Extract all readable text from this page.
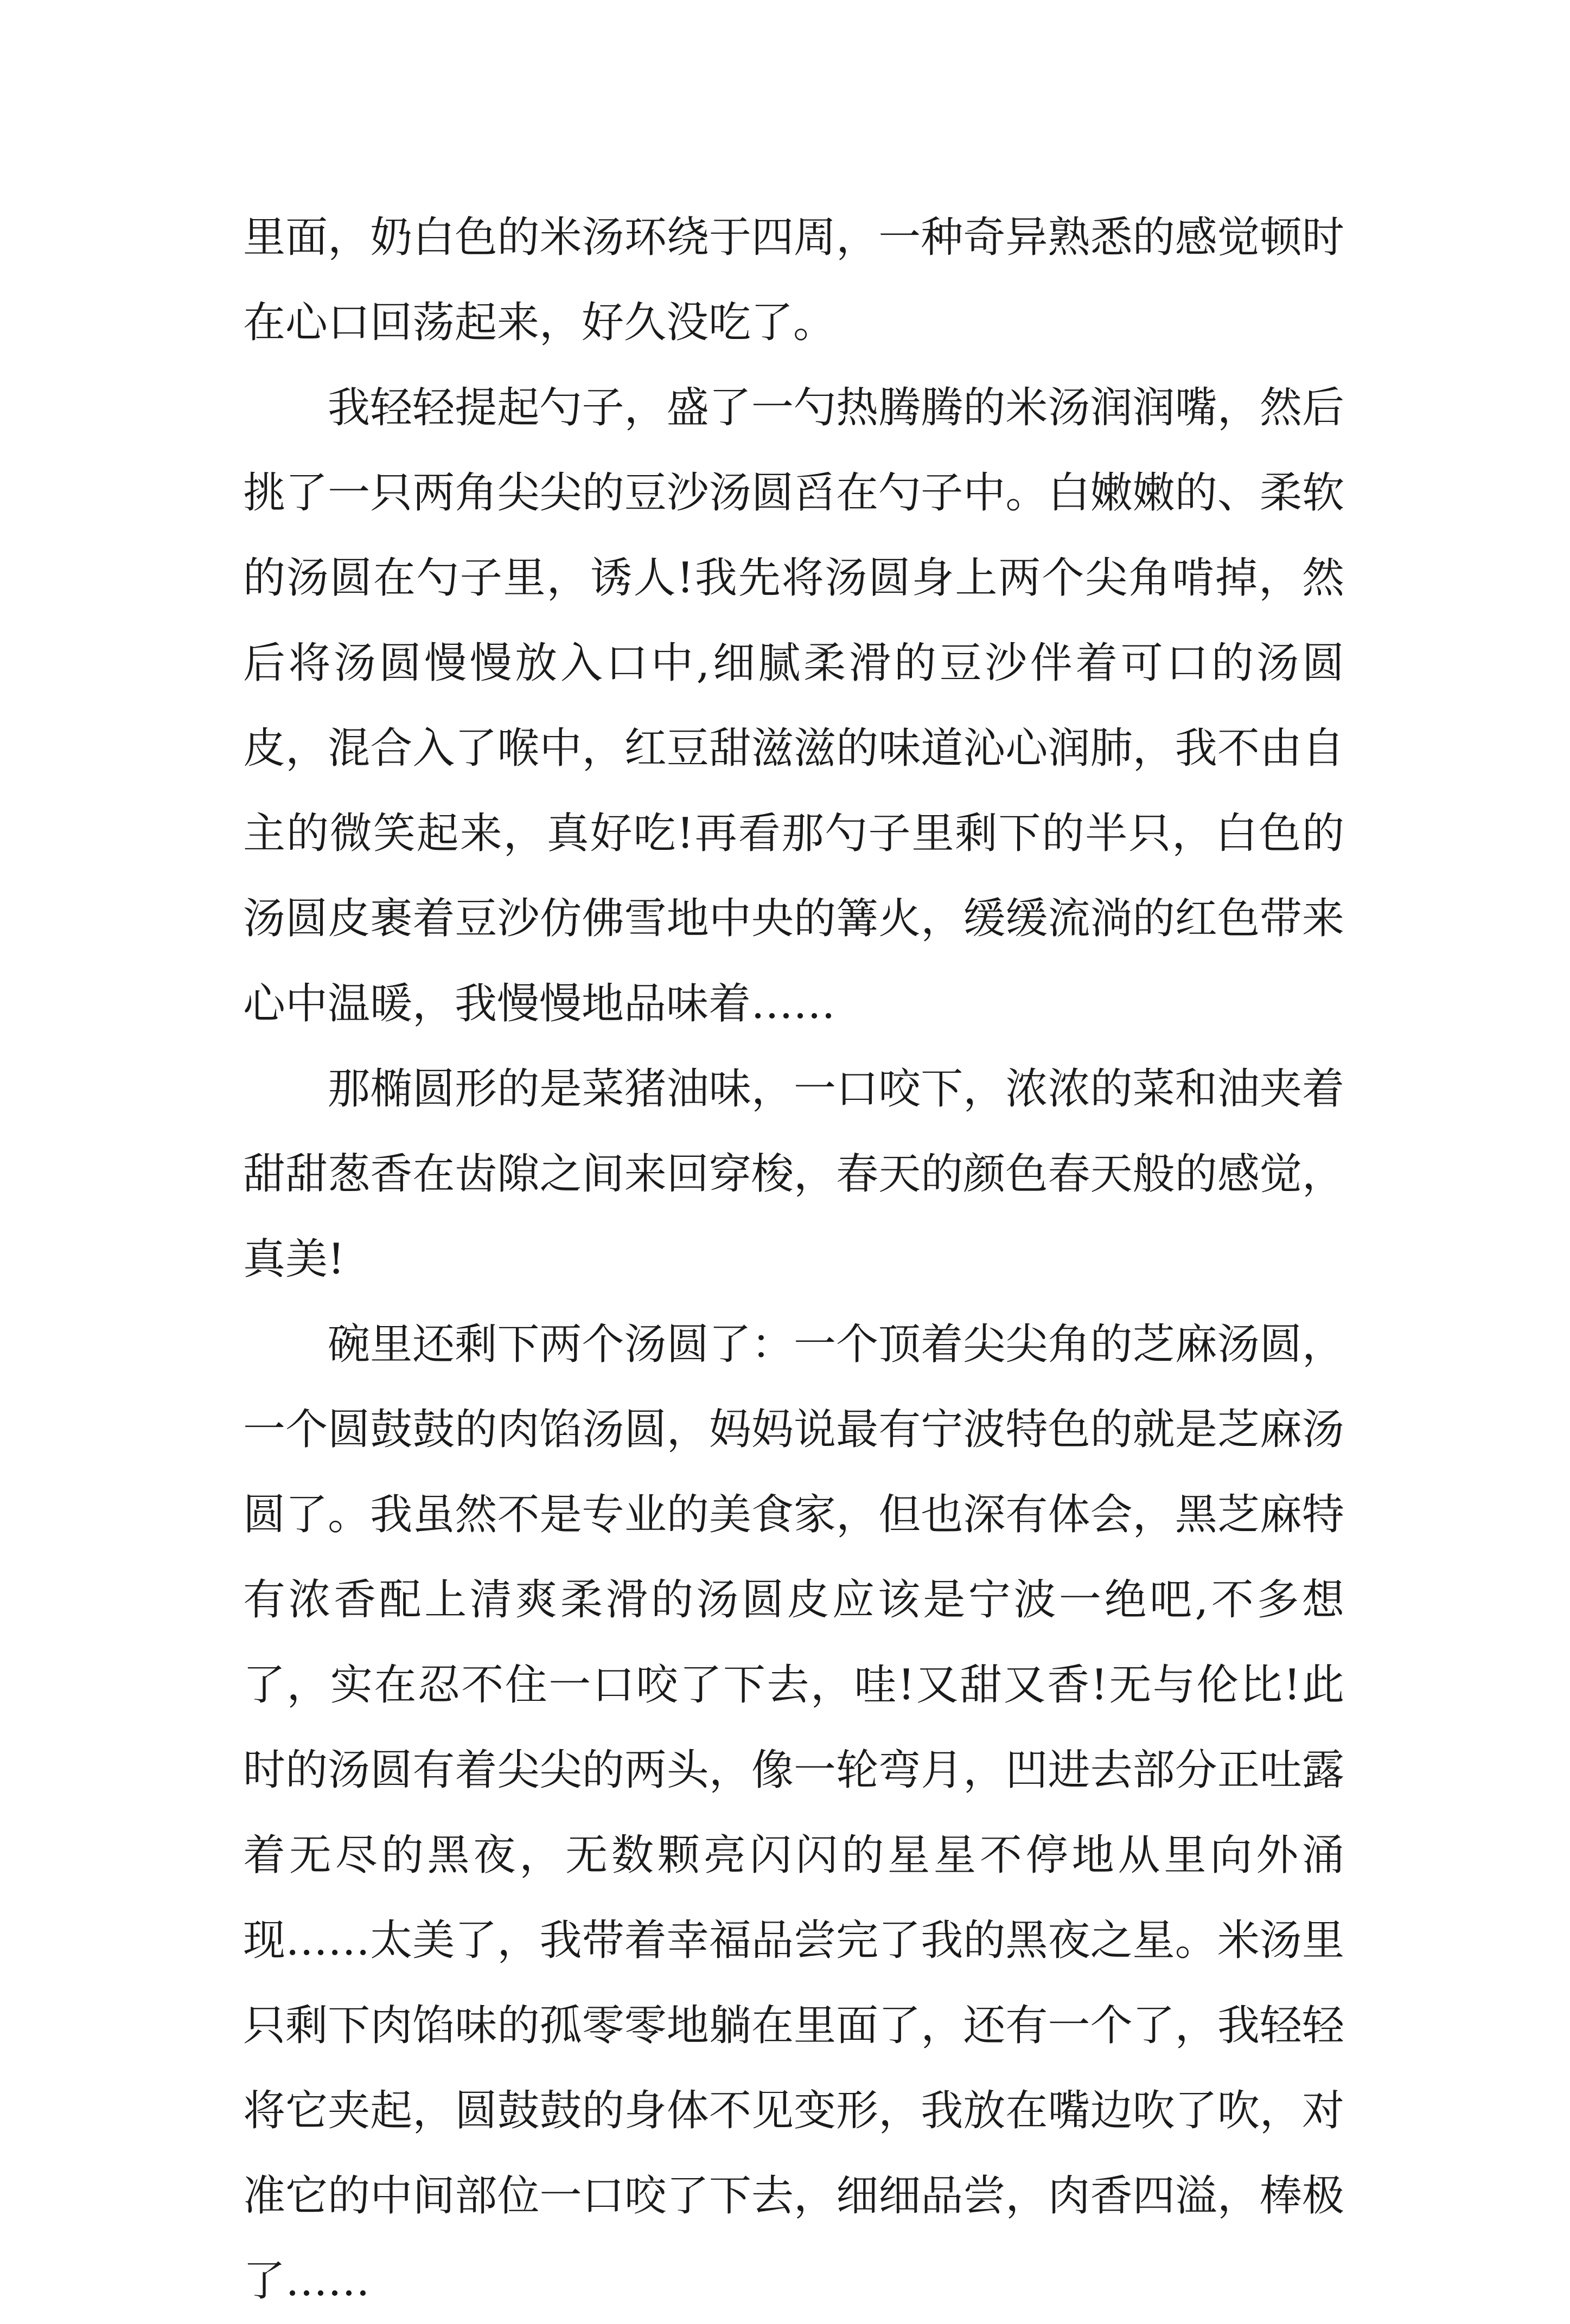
里面，奶白色的米汤环绕于四周，一种奇异熟悉的感觉顿时在心口回荡起来，好久没吃了。

我轻轻提起勺子，盛了一勺热腾腾的米汤润润嘴，然后挑了一只两角尖尖的豆沙汤圆舀在勺子中。白嫩嫩的、柔软的汤圆在勺子里，诱人!我先将汤圆身上两个尖角啃掉，然后将汤圆慢慢放入口中,细腻柔滑的豆沙伴着可口的汤圆皮，混合入了喉中，红豆甜滋滋的味道沁心润肺，我不由自主的微笑起来，真好吃!再看那勺子里剩下的半只，白色的汤圆皮裹着豆沙仿佛雪地中央的篝火，缓缓流淌的红色带来心中温暖，我慢慢地品味着……

那椭圆形的是菜猪油味，一口咬下，浓浓的菜和油夹着甜甜葱香在齿隙之间来回穿梭，春天的颜色春天般的感觉，真美!

碗里还剩下两个汤圆了：一个顶着尖尖角的芝麻汤圆，一个圆鼓鼓的肉馅汤圆，妈妈说最有宁波特色的就是芝麻汤圆了。我虽然不是专业的美食家，但也深有体会，黑芝麻特有浓香配上清爽柔滑的汤圆皮应该是宁波一绝吧,不多想了，实在忍不住一口咬了下去，哇!又甜又香!无与伦比!此时的汤圆有着尖尖的两头，像一轮弯月，凹进去部分正吐露着无尽的黑夜，无数颗亮闪闪的星星不停地从里向外涌现……太美了，我带着幸福品尝完了我的黑夜之星。米汤里只剩下肉馅味的孤零零地躺在里面了，还有一个了，我轻轻将它夹起，圆鼓鼓的身体不见变形，我放在嘴边吹了吹，对准它的中间部位一口咬了下去，细细品尝，肉香四溢，棒极了……
